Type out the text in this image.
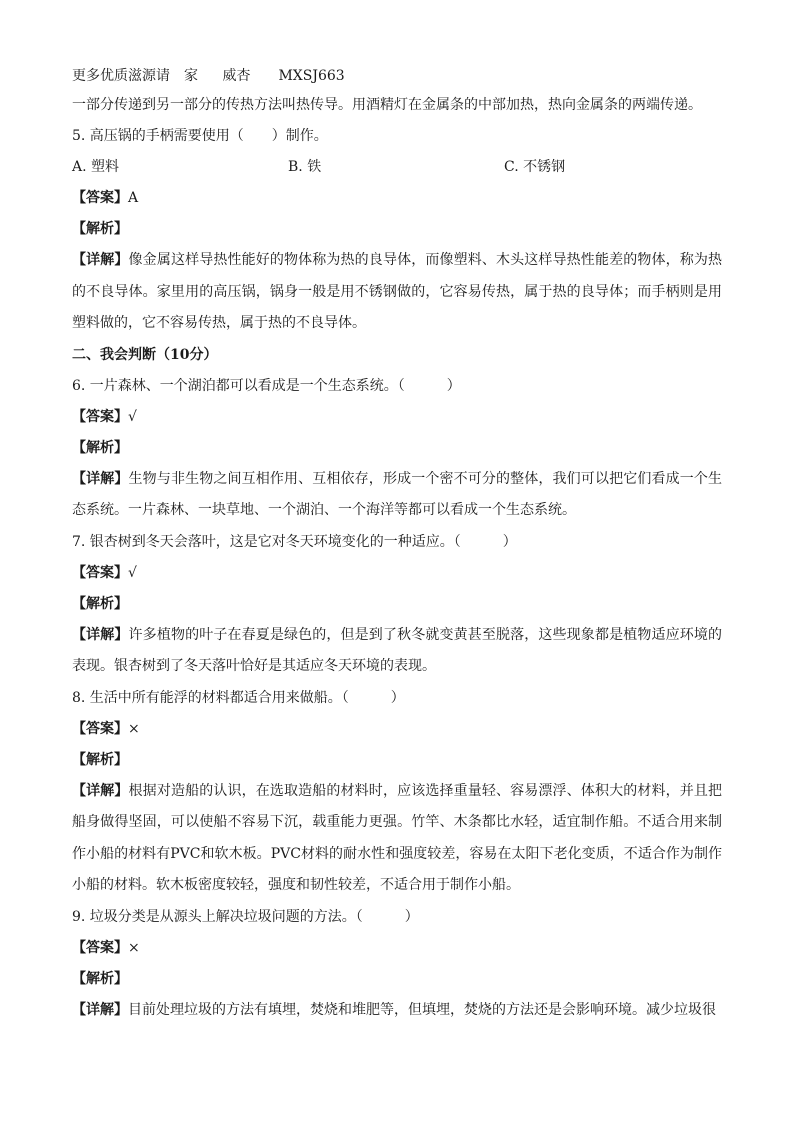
更多优质滋源请　家　 威杏　　MXSJ663
一部分传递到另一部分的传热方法叫热传导。用酒精灯在金属条的中部加热，热向金属条的两端传递。
5. 高压锅的手柄需要使用（　　）制作。
A. 塑料	B. 铁	C. 不锈钢
【答案】A
【解析】
【详解】像金属这样导热性能好的物体称为热的良导体，而像塑料、木头这样导热性能差的物体，称为热的不良导体。家里用的高压锅，锅身一般是用不锈钢做的，它容易传热，属于热的良导体；而手柄则是用塑料做的，它不容易传热，属于热的不良导体。
二、我会判断（10分）
6. 一片森林、一个湖泊都可以看成是一个生态系统。（　　　）
【答案】√
【解析】
【详解】生物与非生物之间互相作用、互相依存，形成一个密不可分的整体，我们可以把它们看成一个生态系统。一片森林、一块草地、一个湖泊、一个海洋等都可以看成一个生态系统。
7. 银杏树到冬天会落叶，这是它对冬天环境变化的一种适应。（　　　）
【答案】√
【解析】
【详解】许多植物的叶子在春夏是绿色的，但是到了秋冬就变黄甚至脱落，这些现象都是植物适应环境的表现。银杏树到了冬天落叶恰好是其适应冬天环境的表现。
8. 生活中所有能浮的材料都适合用来做船。（　　　）
【答案】×
【解析】
【详解】根据对造船的认识，在选取造船的材料时，应该选择重量轻、容易漂浮、体积大的材料，并且把船身做得坚固，可以使船不容易下沉，载重能力更强。竹竿、木条都比水轻，适宜制作船。不适合用来制作小船的材料有PVC和软木板。PVC材料的耐水性和强度较差，容易在太阳下老化变质，不适合作为制作小船的材料。软木板密度较轻，强度和韧性较差，不适合用于制作小船。
9. 垃圾分类是从源头上解决垃圾问题的方法。（　　　）
【答案】×
【解析】
【详解】目前处理垃圾的方法有填埋，焚烧和堆肥等，但填埋，焚烧的方法还是会影响环境。减少垃圾很
